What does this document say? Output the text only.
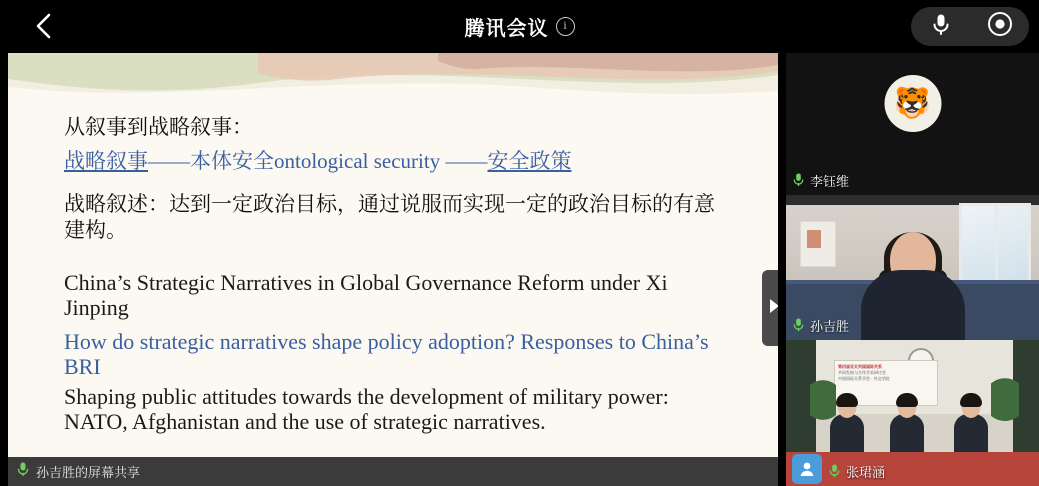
腾讯会议	i
从叙事到战略叙事：
战略叙事——本体安全ontological security ——安全政策
战略叙述：达到一定政治目标，通过说服而实现一定的政治目标的有意建构。
China’s Strategic Narratives in Global Governance Reform under Xi Jinping
How do strategic narratives shape policy adoption? Responses to China’s BRI
Shaping public attitudes towards the development of military power: NATO, Afghanistan and the use of strategic narratives.
孙吉胜的屏幕共享
🐯
李钰维
孙吉胜
第四届亚太列国国际关系
共同发展与合作学术研讨会
中国国际关系学会 · 外交学院
张珺涵
